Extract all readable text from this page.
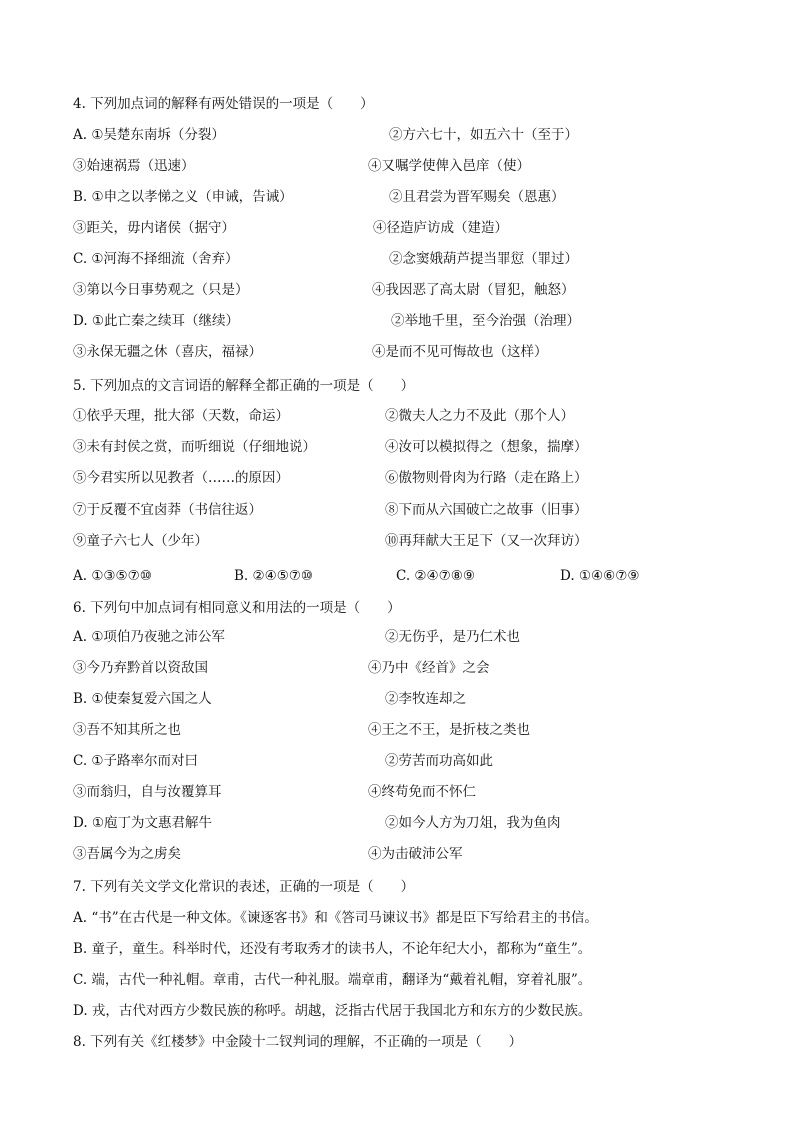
4. 下列加点词的解释有两处错误的一项是（　　）
A. ①吴楚东南坼（分裂）	②方六七十，如五六十（至于）
③始速祸焉（迅速）	④又嘱学使俾入邑庠（使）
B. ①申之以孝悌之义（申诫，告诫）	②且君尝为晋军赐矣（恩惠）
③距关，毋内诸侯（据守）	④径造庐访成（建造）
C. ①河海不择细流（舍弃）	②念窦娥葫芦提当罪愆（罪过）
③第以今日事势观之（只是）	④我因恶了高太尉（冒犯，触怒）
D. ①此亡秦之续耳（继续）	②举地千里，至今治强（治理）
③永保无疆之休（喜庆，福禄）	④是而不见可悔故也（这样）
5. 下列加点的文言词语的解释全都正确的一项是（　　）
①依乎天理，批大郤（天数，命运）	②微夫人之力不及此（那个人）
③未有封侯之赏，而听细说（仔细地说）	④汝可以模拟得之（想象，揣摩）
⑤今君实所以见教者（……的原因）	⑥傲物则骨肉为行路（走在路上）
⑦于反覆不宜卤莽（书信往返）	⑧下而从六国破亡之故事（旧事）
⑨童子六七人（少年）	⑩再拜献大王足下（又一次拜访）
A. ①③⑤⑦⑩	B. ②④⑤⑦⑩	C. ②④⑦⑧⑨	D. ①④⑥⑦⑨
6. 下列句中加点词有相同意义和用法的一项是（　　）
A. ①项伯乃夜驰之沛公军	②无伤乎，是乃仁术也
③今乃弃黔首以资敌国	④乃中《经首》之会
B. ①使秦复爱六国之人	②李牧连却之
③吾不知其所之也	④王之不王，是折枝之类也
C. ①子路率尔而对曰	②劳苦而功高如此
③而翁归，自与汝覆算耳	④终苟免而不怀仁
D. ①庖丁为文惠君解牛	②如今人方为刀俎，我为鱼肉
③吾属今为之虏矣	④为击破沛公军
7. 下列有关文学文化常识的表述，正确的一项是（　　）
A. “书”在古代是一种文体。《谏逐客书》和《答司马谏议书》都是臣下写给君主的书信。
B. 童子，童生。科举时代，还没有考取秀才的读书人，不论年纪大小，都称为“童生”。
C. 端，古代一种礼帽。章甫，古代一种礼服。端章甫，翻译为“戴着礼帽，穿着礼服”。
D. 戎，古代对西方少数民族的称呼。胡越，泛指古代居于我国北方和东方的少数民族。
8. 下列有关《红楼梦》中金陵十二钗判词的理解，不正确的一项是（　　）
